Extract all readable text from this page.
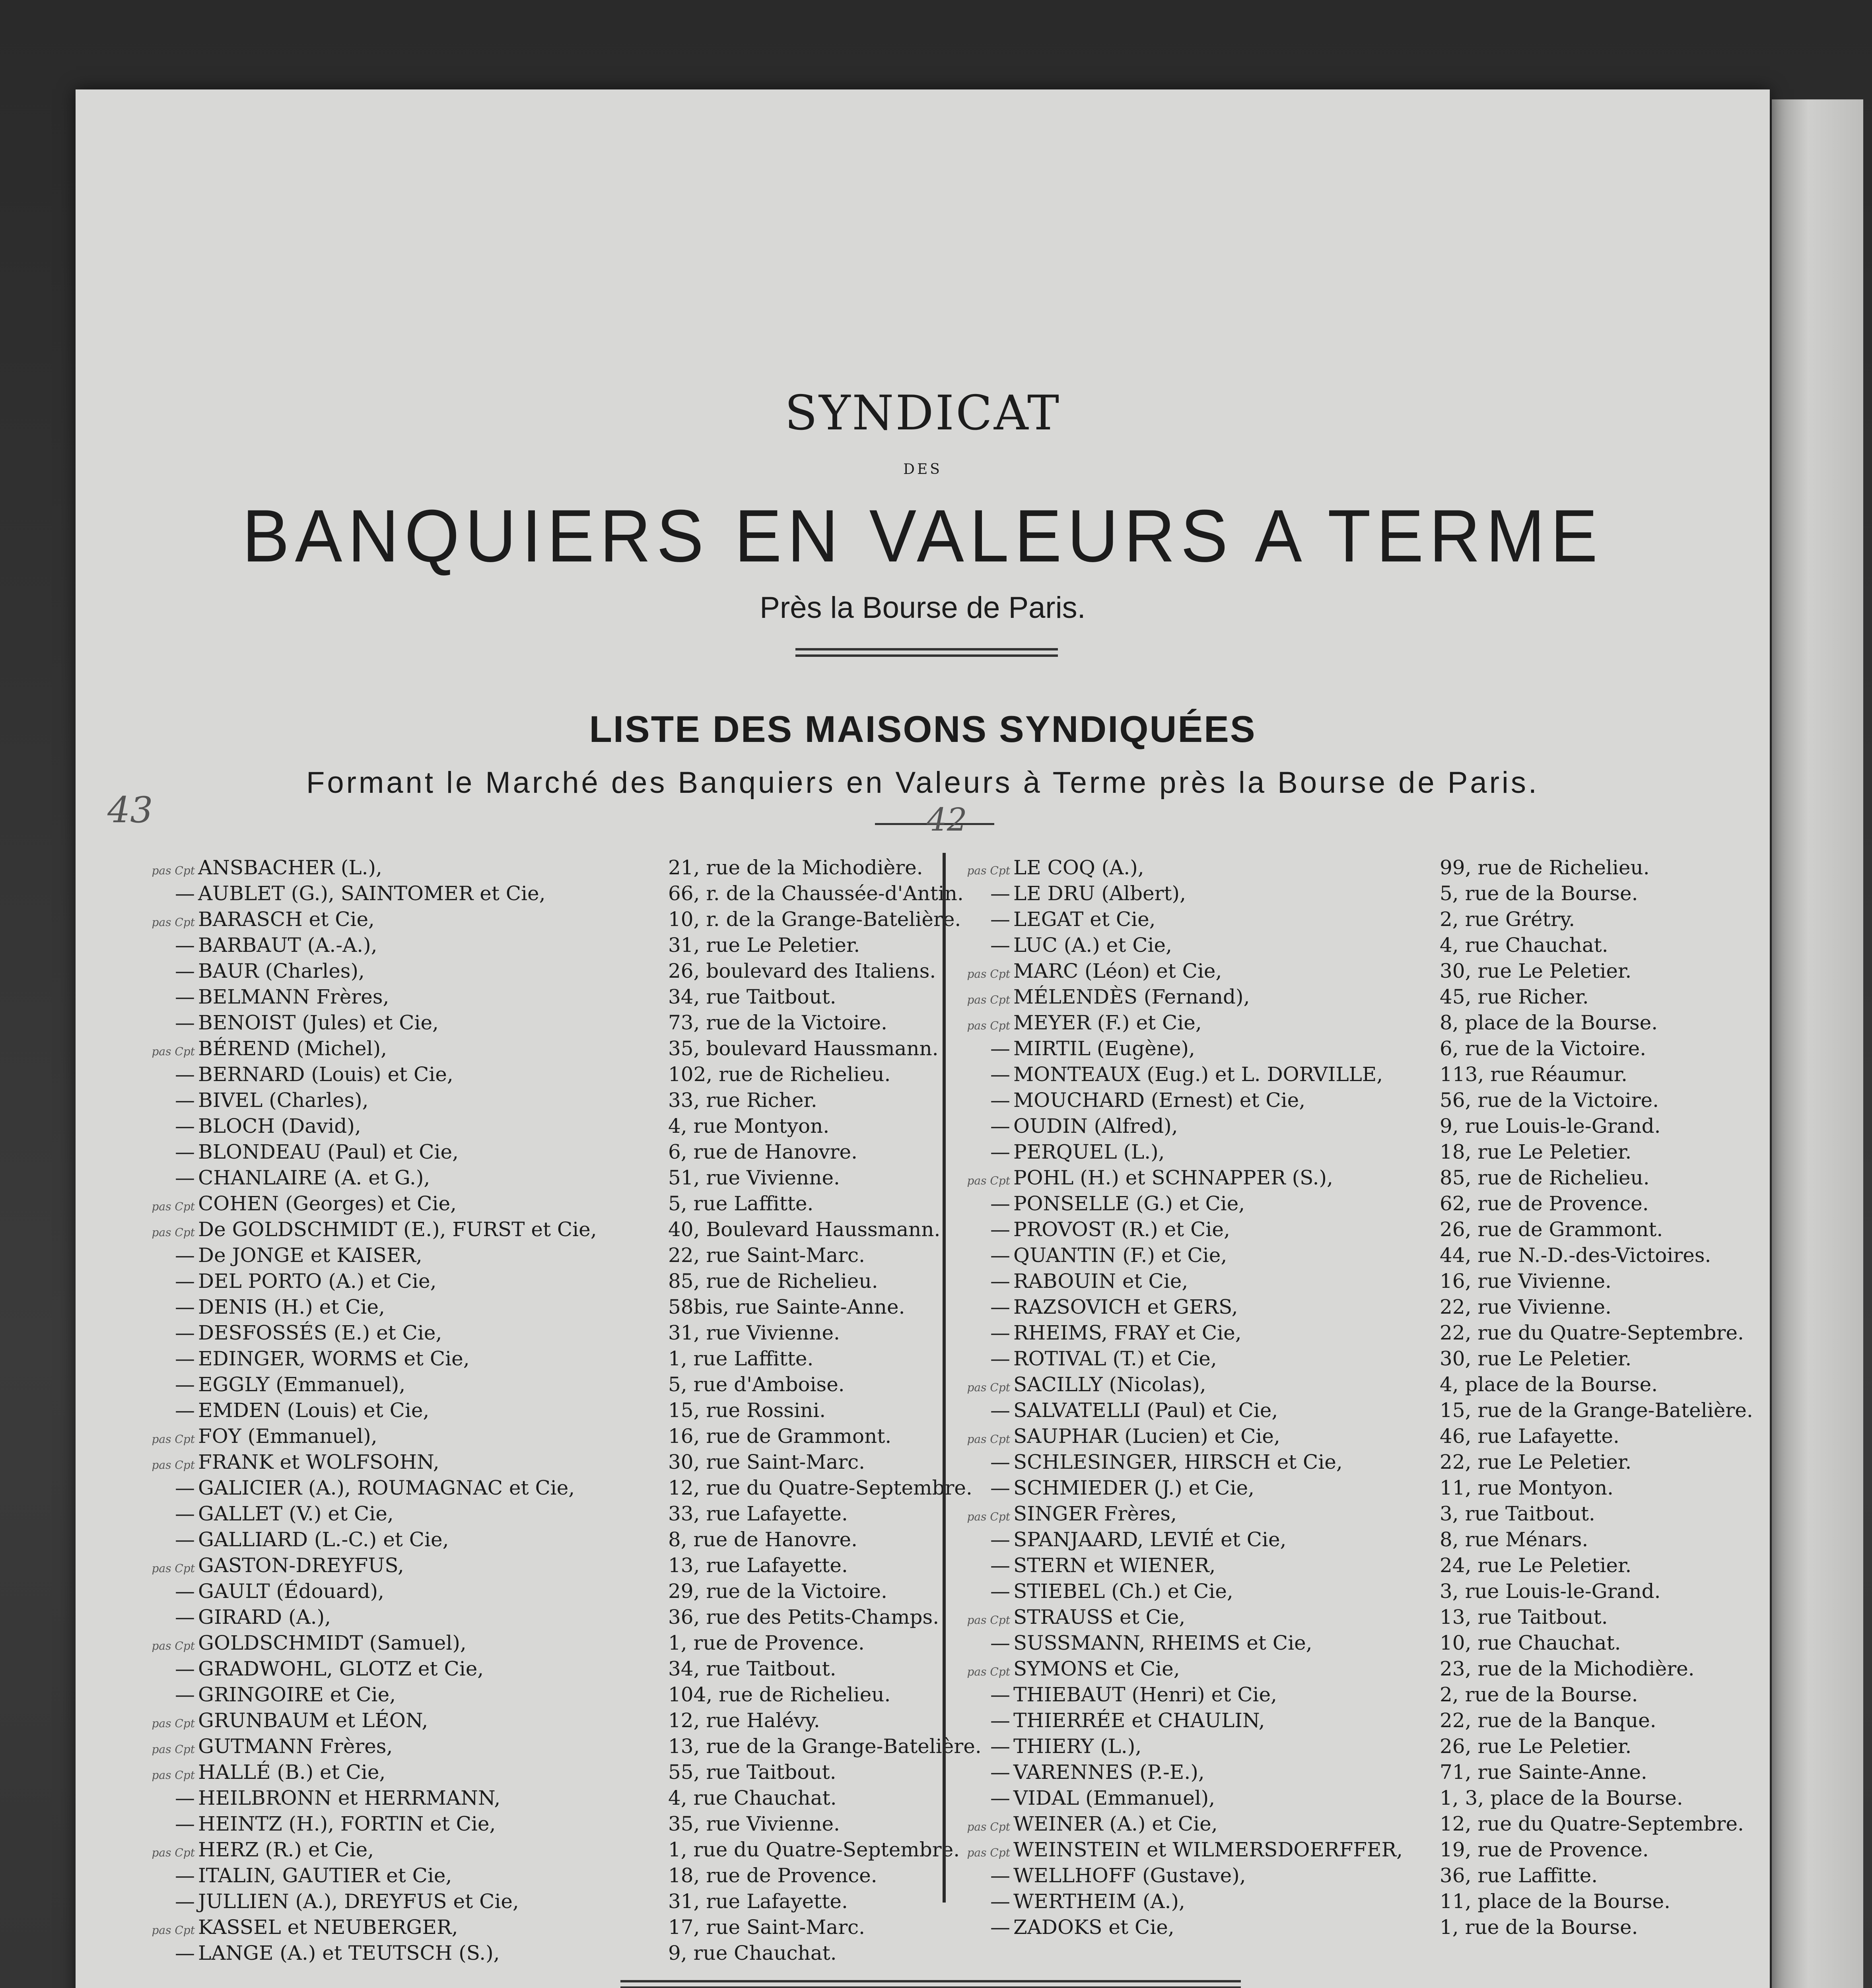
SYNDICAT
DES
BANQUIERS EN VALEURS A TERME
Près la Bourse de Paris.
LISTE DES MAISONS SYNDIQUÉES
Formant le Marché des Banquiers en Valeurs à Terme près la Bourse de Paris.
43	42
pas Cpt ANSBACHER (L.),	21, rue de la Michodière.
— AUBLET (G.), SAINTOMER et Cie,	66, r. de la Chaussée-d'Antin.
pas Cpt BARASCH et Cie,	10, r. de la Grange-Batelière.
— BARBAUT (A.-A.),	31, rue Le Peletier.
— BAUR (Charles),	26, boulevard des Italiens.
— BELMANN Frères,	34, rue Taitbout.
— BENOIST (Jules) et Cie,	73, rue de la Victoire.
pas Cpt BÉREND (Michel),	35, boulevard Haussmann.
— BERNARD (Louis) et Cie,	102, rue de Richelieu.
— BIVEL (Charles),	33, rue Richer.
— BLOCH (David),	4, rue Montyon.
— BLONDEAU (Paul) et Cie,	6, rue de Hanovre.
— CHANLAIRE (A. et G.),	51, rue Vivienne.
pas Cpt COHEN (Georges) et Cie,	5, rue Laffitte.
pas Cpt De GOLDSCHMIDT (E.), FURST et Cie,	40, Boulevard Haussmann.
— De JONGE et KAISER,	22, rue Saint-Marc.
— DEL PORTO (A.) et Cie,	85, rue de Richelieu.
— DENIS (H.) et Cie,	58bis, rue Sainte-Anne.
— DESFOSSÉS (E.) et Cie,	31, rue Vivienne.
— EDINGER, WORMS et Cie,	1, rue Laffitte.
— EGGLY (Emmanuel),	5, rue d'Amboise.
— EMDEN (Louis) et Cie,	15, rue Rossini.
pas Cpt FOY (Emmanuel),	16, rue de Grammont.
pas Cpt FRANK et WOLFSOHN,	30, rue Saint-Marc.
— GALICIER (A.), ROUMAGNAC et Cie,	12, rue du Quatre-Septembre.
— GALLET (V.) et Cie,	33, rue Lafayette.
— GALLIARD (L.-C.) et Cie,	8, rue de Hanovre.
pas Cpt GASTON-DREYFUS,	13, rue Lafayette.
— GAULT (Édouard),	29, rue de la Victoire.
— GIRARD (A.),	36, rue des Petits-Champs.
pas Cpt GOLDSCHMIDT (Samuel),	1, rue de Provence.
— GRADWOHL, GLOTZ et Cie,	34, rue Taitbout.
— GRINGOIRE et Cie,	104, rue de Richelieu.
pas Cpt GRUNBAUM et LÉON,	12, rue Halévy.
pas Cpt GUTMANN Frères,	13, rue de la Grange-Batelière.
pas Cpt HALLÉ (B.) et Cie,	55, rue Taitbout.
— HEILBRONN et HERRMANN,	4, rue Chauchat.
— HEINTZ (H.), FORTIN et Cie,	35, rue Vivienne.
pas Cpt HERZ (R.) et Cie,	1, rue du Quatre-Septembre.
— ITALIN, GAUTIER et Cie,	18, rue de Provence.
— JULLIEN (A.), DREYFUS et Cie,	31, rue Lafayette.
pas Cpt KASSEL et NEUBERGER,	17, rue Saint-Marc.
— LANGE (A.) et TEUTSCH (S.),	9, rue Chauchat.
pas Cpt LE COQ (A.),	99, rue de Richelieu.
— LE DRU (Albert),	5, rue de la Bourse.
— LEGAT et Cie,	2, rue Grétry.
— LUC (A.) et Cie,	4, rue Chauchat.
pas Cpt MARC (Léon) et Cie,	30, rue Le Peletier.
pas Cpt MÉLENDÈS (Fernand),	45, rue Richer.
pas Cpt MEYER (F.) et Cie,	8, place de la Bourse.
— MIRTIL (Eugène),	6, rue de la Victoire.
— MONTEAUX (Eug.) et L. DORVILLE,	113, rue Réaumur.
— MOUCHARD (Ernest) et Cie,	56, rue de la Victoire.
— OUDIN (Alfred),	9, rue Louis-le-Grand.
— PERQUEL (L.),	18, rue Le Peletier.
pas Cpt POHL (H.) et SCHNAPPER (S.),	85, rue de Richelieu.
— PONSELLE (G.) et Cie,	62, rue de Provence.
— PROVOST (R.) et Cie,	26, rue de Grammont.
— QUANTIN (F.) et Cie,	44, rue N.-D.-des-Victoires.
— RABOUIN et Cie,	16, rue Vivienne.
— RAZSOVICH et GERS,	22, rue Vivienne.
— RHEIMS, FRAY et Cie,	22, rue du Quatre-Septembre.
— ROTIVAL (T.) et Cie,	30, rue Le Peletier.
pas Cpt SACILLY (Nicolas),	4, place de la Bourse.
— SALVATELLI (Paul) et Cie,	15, rue de la Grange-Batelière.
pas Cpt SAUPHAR (Lucien) et Cie,	46, rue Lafayette.
— SCHLESINGER, HIRSCH et Cie,	22, rue Le Peletier.
— SCHMIEDER (J.) et Cie,	11, rue Montyon.
pas Cpt SINGER Frères,	3, rue Taitbout.
— SPANJAARD, LEVIÉ et Cie,	8, rue Ménars.
— STERN et WIENER,	24, rue Le Peletier.
— STIEBEL (Ch.) et Cie,	3, rue Louis-le-Grand.
pas Cpt STRAUSS et Cie,	13, rue Taitbout.
— SUSSMANN, RHEIMS et Cie,	10, rue Chauchat.
pas Cpt SYMONS et Cie,	23, rue de la Michodière.
— THIEBAUT (Henri) et Cie,	2, rue de la Bourse.
— THIERRÉE et CHAULIN,	22, rue de la Banque.
— THIERY (L.),	26, rue Le Peletier.
— VARENNES (P.-E.),	71, rue Sainte-Anne.
— VIDAL (Emmanuel),	1, 3, place de la Bourse.
pas Cpt WEINER (A.) et Cie,	12, rue du Quatre-Septembre.
pas Cpt WEINSTEIN et WILMERSDOERFFER, 19, rue de Provence.
— WELLHOFF (Gustave),	36, rue Laffitte.
— WERTHEIM (A.),	11, place de la Bourse.
— ZADOKS et Cie,	1, rue de la Bourse.
